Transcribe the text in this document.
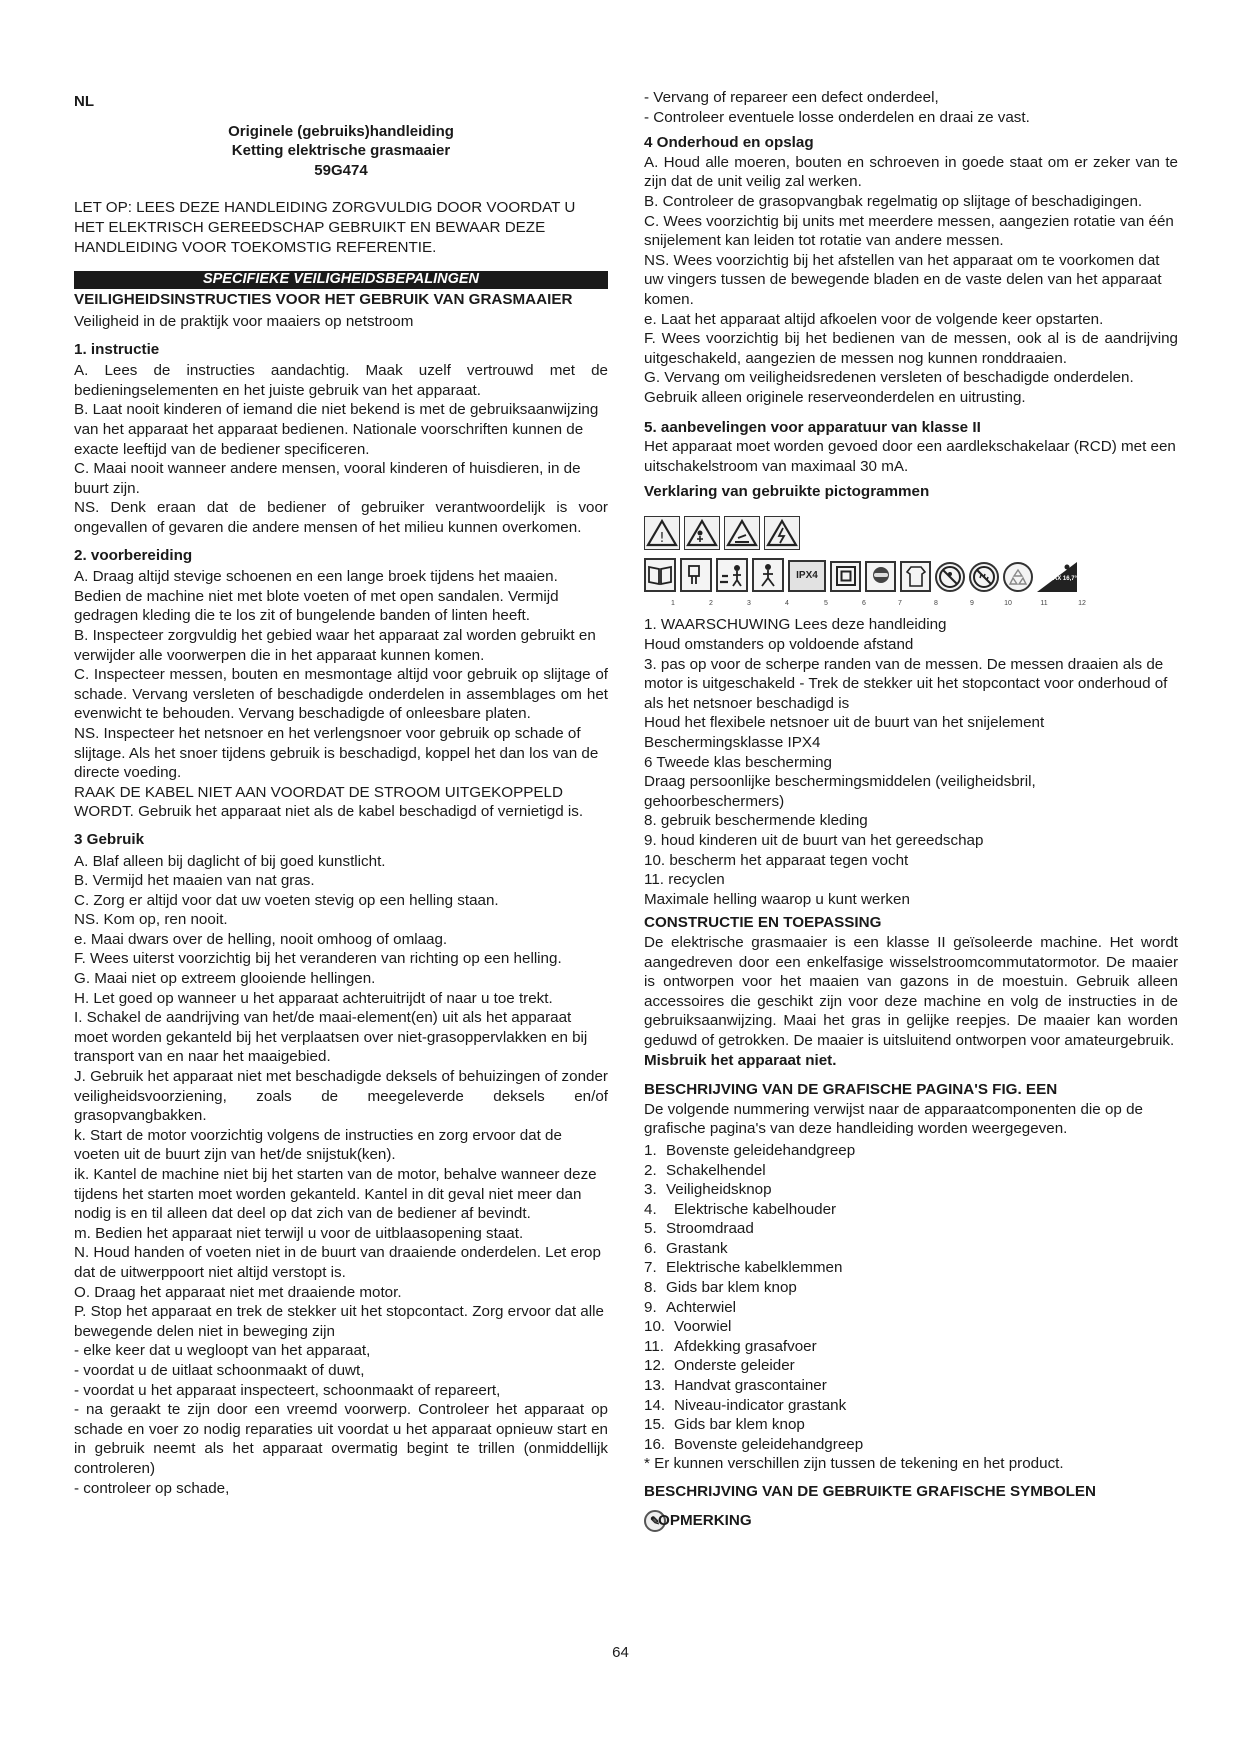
NL
Originele (gebruiks)handleiding
Ketting elektrische grasmaaier
59G474

LET OP: LEES DEZE HANDLEIDING ZORGVULDIG DOOR VOORDAT U HET ELEKTRISCH GEREEDSCHAP GEBRUIKT EN BEWAAR DEZE HANDLEIDING VOOR TOEKOMSTIG REFERENTIE.

SPECIFIEKE VEILIGHEIDSBEPALINGEN

VEILIGHEIDSINSTRUCTIES VOOR HET GEBRUIK VAN GRASMAAIER

Veiligheid in de praktijk voor maaiers op netstroom

1. instructie

A. Lees de instructies aandachtig. Maak uzelf vertrouwd met de bedieningselementen en het juiste gebruik van het apparaat.

B. Laat nooit kinderen of iemand die niet bekend is met de gebruiksaanwijzing van het apparaat het apparaat bedienen. Nationale voorschriften kunnen de exacte leeftijd van de bediener specificeren.

C. Maai nooit wanneer andere mensen, vooral kinderen of huisdieren, in de buurt zijn.

NS. Denk eraan dat de bediener of gebruiker verantwoordelijk is voor ongevallen of gevaren die andere mensen of het milieu kunnen overkomen.

2. voorbereiding

A. Draag altijd stevige schoenen en een lange broek tijdens het maaien. Bedien de machine niet met blote voeten of met open sandalen. Vermijd gedragen kleding die te los zit of bungelende banden of linten heeft.

B. Inspecteer zorgvuldig het gebied waar het apparaat zal worden gebruikt en verwijder alle voorwerpen die in het apparaat kunnen komen.

C. Inspecteer messen, bouten en mesmontage altijd voor gebruik op slijtage of schade. Vervang versleten of beschadigde onderdelen in assemblages om het evenwicht te behouden. Vervang beschadigde of onleesbare platen.

NS. Inspecteer het netsnoer en het verlengsnoer voor gebruik op schade of slijtage. Als het snoer tijdens gebruik is beschadigd, koppel het dan los van de directe voeding.

RAAK DE KABEL NIET AAN VOORDAT DE STROOM UITGEKOPPELD WORDT. Gebruik het apparaat niet als de kabel beschadigd of vernietigd is.

3 Gebruik

A. Blaf alleen bij daglicht of bij goed kunstlicht.

B. Vermijd het maaien van nat gras.

C. Zorg er altijd voor dat uw voeten stevig op een helling staan.

NS. Kom op, ren nooit.

e. Maai dwars over de helling, nooit omhoog of omlaag.

F. Wees uiterst voorzichtig bij het veranderen van richting op een helling.

G. Maai niet op extreem glooiende hellingen.

H. Let goed op wanneer u het apparaat achteruitrijdt of naar u toe trekt.

I. Schakel de aandrijving van het/de maai-element(en) uit als het apparaat moet worden gekanteld bij het verplaatsen over niet-grasoppervlakken en bij transport van en naar het maaigebied.

J. Gebruik het apparaat niet met beschadigde deksels of behuizingen of zonder veiligheidsvoorziening, zoals de meegeleverde deksels en/of grasopvangbakken.

k. Start de motor voorzichtig volgens de instructies en zorg ervoor dat de voeten uit de buurt zijn van het/de snijstuk(ken).

ik. Kantel de machine niet bij het starten van de motor, behalve wanneer deze tijdens het starten moet worden gekanteld. Kantel in dit geval niet meer dan nodig is en til alleen dat deel op dat zich van de bediener af bevindt.

m. Bedien het apparaat niet terwijl u voor de uitblaasopening staat.

N. Houd handen of voeten niet in de buurt van draaiende onderdelen. Let erop dat de uitwerppoort niet altijd verstopt is.

O. Draag het apparaat niet met draaiende motor.

P. Stop het apparaat en trek de stekker uit het stopcontact. Zorg ervoor dat alle bewegende delen niet in beweging zijn

- elke keer dat u wegloopt van het apparaat,

- voordat u de uitlaat schoonmaakt of duwt,

- voordat u het apparaat inspecteert, schoonmaakt of repareert,

- na geraakt te zijn door een vreemd voorwerp. Controleer het apparaat op schade en voer zo nodig reparaties uit voordat u het apparaat opnieuw start en in gebruik neemt als het apparaat overmatig begint te trillen (onmiddellijk controleren)

- controleer op schade,

- Vervang of repareer een defect onderdeel,

- Controleer eventuele losse onderdelen en draai ze vast.

4 Onderhoud en opslag

A. Houd alle moeren, bouten en schroeven in goede staat om er zeker van te zijn dat de unit veilig zal werken.

B. Controleer de grasopvangbak regelmatig op slijtage of beschadigingen.

C. Wees voorzichtig bij units met meerdere messen, aangezien rotatie van één snijelement kan leiden tot rotatie van andere messen.

NS. Wees voorzichtig bij het afstellen van het apparaat om te voorkomen dat uw vingers tussen de bewegende bladen en de vaste delen van het apparaat komen.

e. Laat het apparaat altijd afkoelen voor de volgende keer opstarten.

F. Wees voorzichtig bij het bedienen van de messen, ook al is de aandrijving uitgeschakeld, aangezien de messen nog kunnen ronddraaien.

G. Vervang om veiligheidsredenen versleten of beschadigde onderdelen. Gebruik alleen originele reserveonderdelen en uitrusting.

5. aanbevelingen voor apparatuur van klasse II

Het apparaat moet worden gevoed door een aardlekschakelaar (RCD) met een uitschakelstroom van maximaal 30 mA.

Verklaring van gebruikte pictogrammen

!
IPX4	MAX 16,7°
1	2	3	4	5	6	7	8	9	10	11	12

1. WAARSCHUWING Lees deze handleiding

Houd omstanders op voldoende afstand

3. pas op voor de scherpe randen van de messen. De messen draaien als de motor is uitgeschakeld - Trek de stekker uit het stopcontact voor onderhoud of als het netsnoer beschadigd is

Houd het flexibele netsnoer uit de buurt van het snijelement

Beschermingsklasse IPX4

6 Tweede klas bescherming

Draag persoonlijke beschermingsmiddelen (veiligheidsbril, gehoorbeschermers)

8. gebruik beschermende kleding

9. houd kinderen uit de buurt van het gereedschap

10. bescherm het apparaat tegen vocht

11. recyclen

Maximale helling waarop u kunt werken

CONSTRUCTIE EN TOEPASSING

De elektrische grasmaaier is een klasse II geïsoleerde machine. Het wordt aangedreven door een enkelfasige wisselstroomcommutatormotor. De maaier is ontworpen voor het maaien van gazons in de moestuin. Gebruik alleen accessoires die geschikt zijn voor deze machine en volg de instructies in de gebruiksaanwijzing. Maai het gras in gelijke reepjes. De maaier kan worden geduwd of getrokken. De maaier is uitsluitend ontworpen voor amateurgebruik.

Misbruik het apparaat niet.

BESCHRIJVING VAN DE GRAFISCHE PAGINA'S FIG. EEN

De volgende nummering verwijst naar de apparaatcomponenten die op de grafische pagina's van deze handleiding worden weergegeven.

1. Bovenste geleidehandgreep
2. Schakelhendel
3. Veiligheidsknop
4.	Elektrische kabelhouder
5. Stroomdraad
6. Grastank
7. Elektrische kabelklemmen
8. Gids bar klem knop
9. Achterwiel
10. Voorwiel
11. Afdekking grasafvoer
12. Onderste geleider
13. Handvat grascontainer
14. Niveau-indicator grastank
15. Gids bar klem knop
16. Bovenste geleidehandgreep

* Er kunnen verschillen zijn tussen de tekening en het product.

BESCHRIJVING VAN DE GEBRUIKTE GRAFISCHE SYMBOLEN

✎OPMERKING

64
